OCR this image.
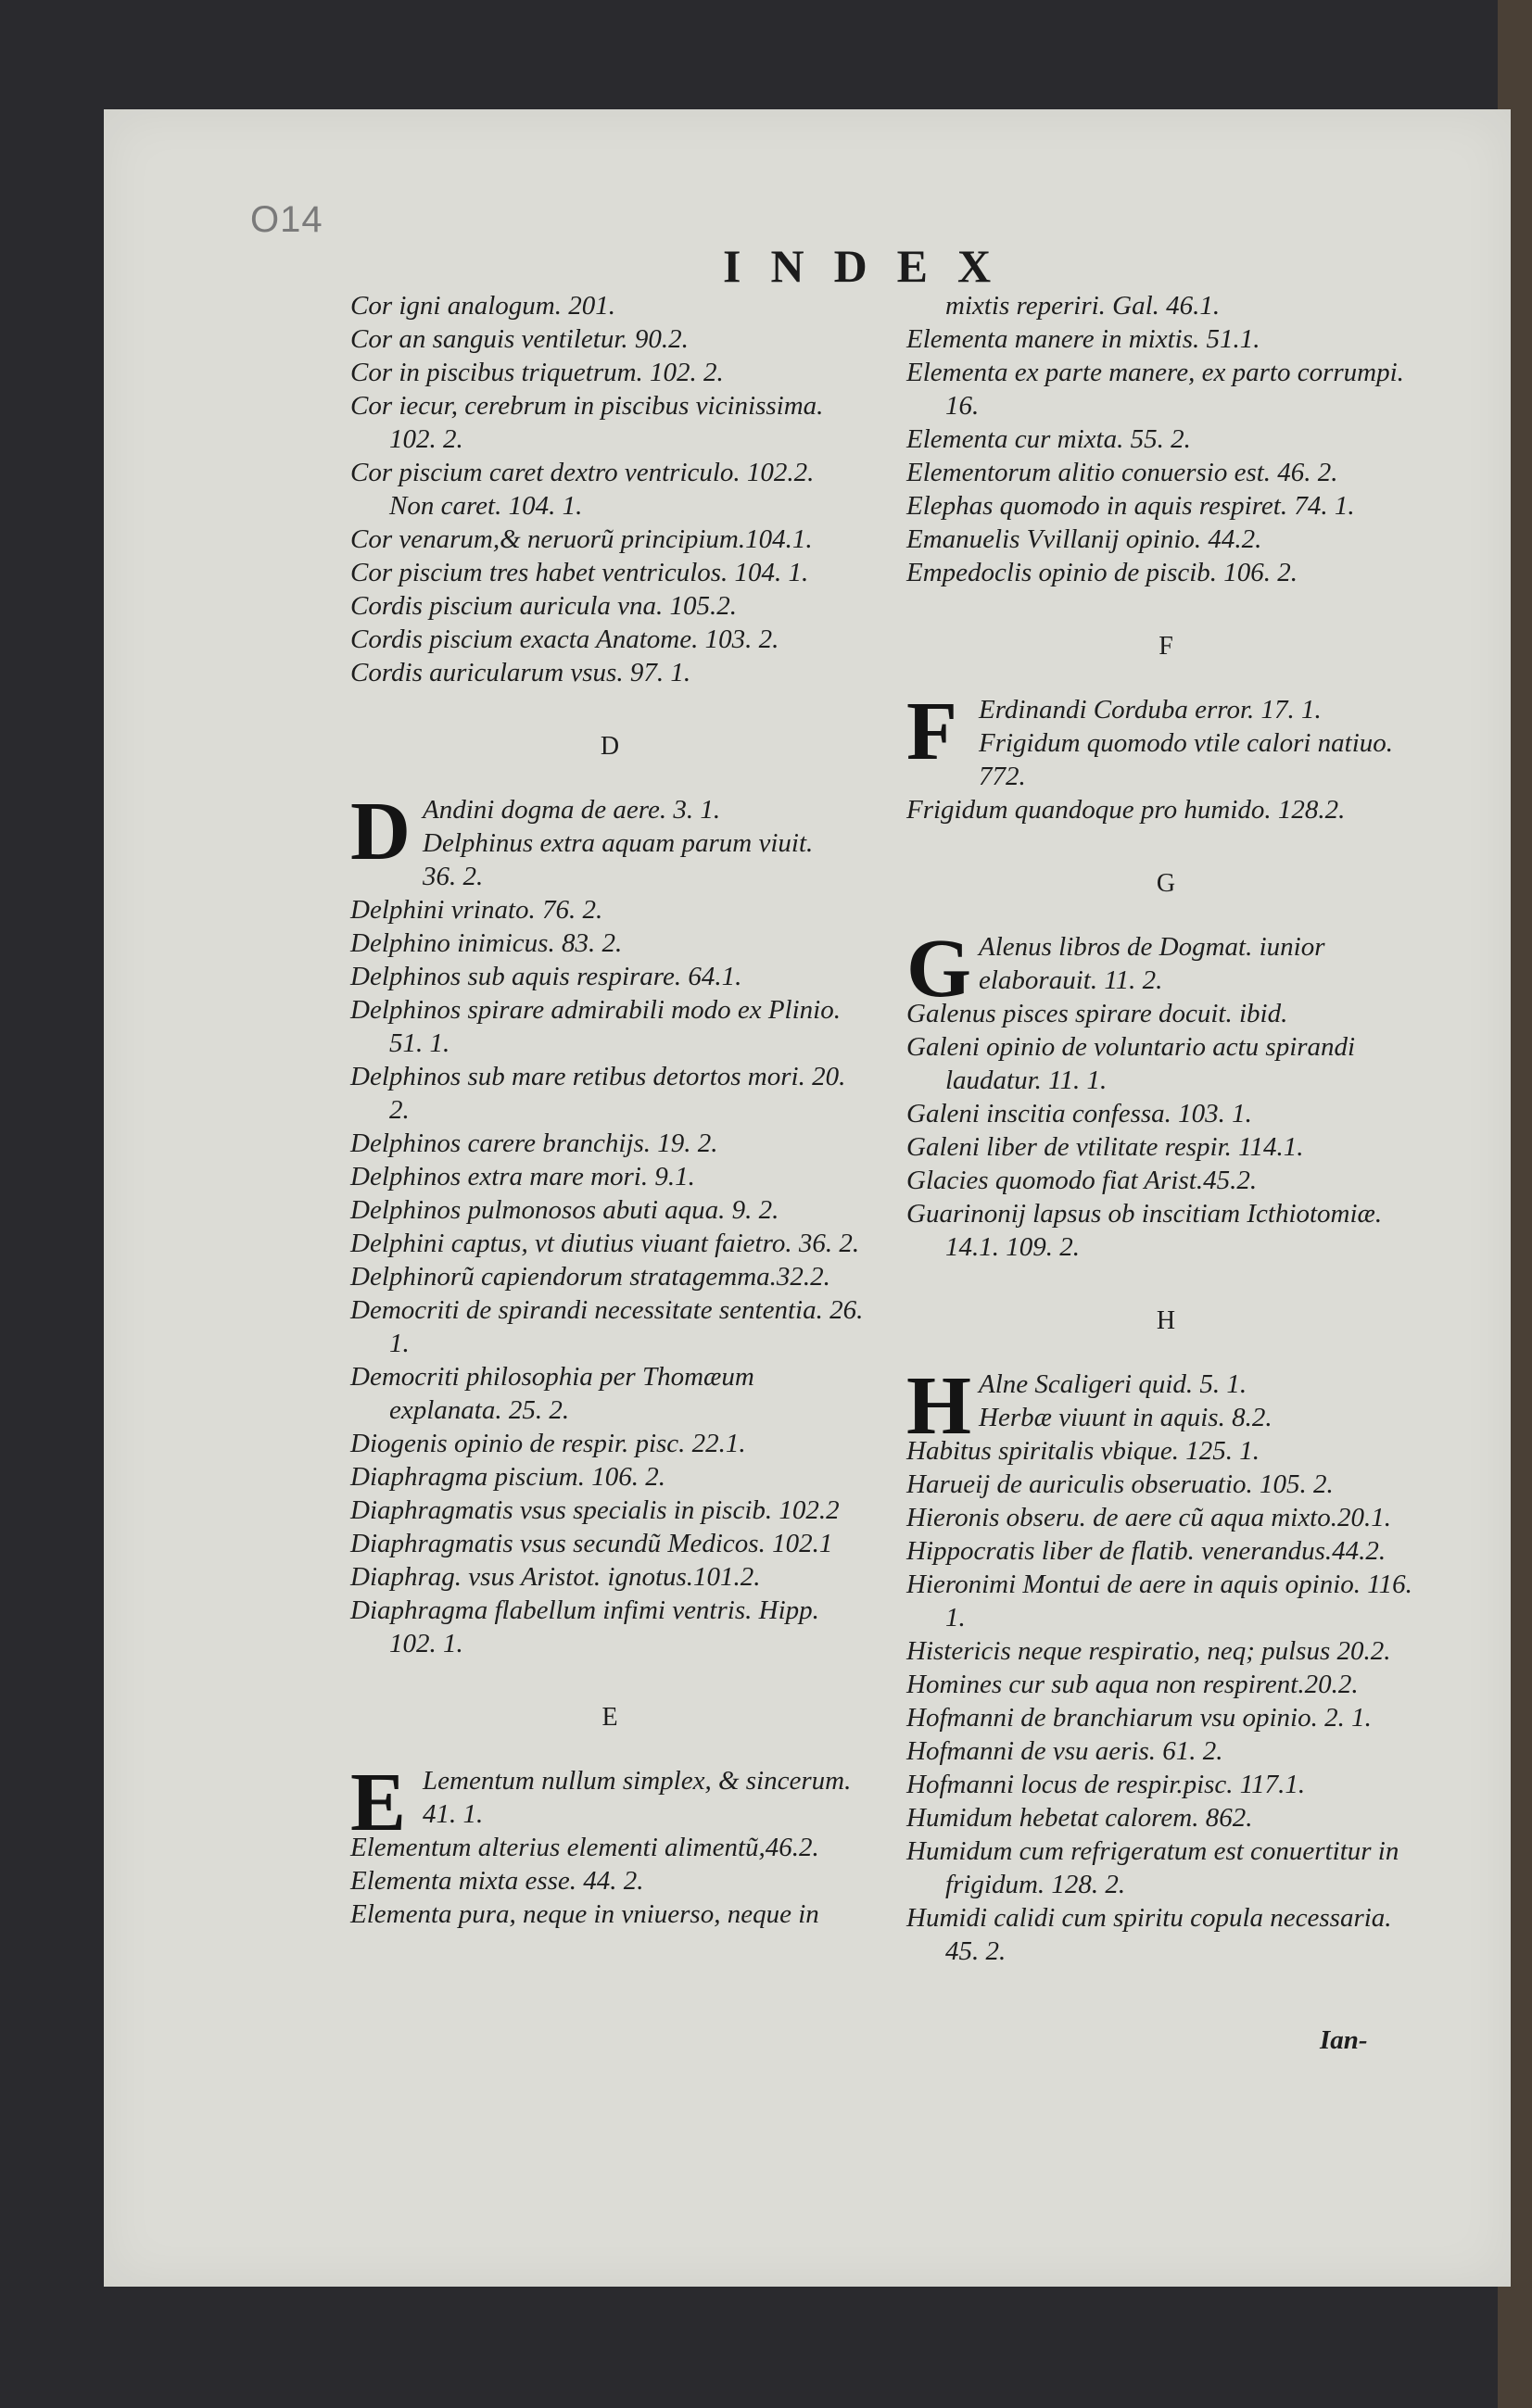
O14
INDEX

Cor igni analogum. 201.

Cor an sanguis ventiletur. 90.2.

Cor in piscibus triquetrum. 102. 2.

Cor iecur, cerebrum in piscibus vicinissima. 102. 2.

Cor piscium caret dextro ventriculo. 102.2.

Non caret. 104. 1.

Cor venarum,& neruorũ principium.104.1.

Cor piscium tres habet ventriculos. 104. 1.

Cordis piscium auricula vna. 105.2.

Cordis piscium exacta Anatome. 103. 2.

Cordis auricularum vsus. 97. 1.

D
D Andini dogma de aere. 3. 1.

Delphinus extra aquam parum viuit.

36. 2.

Delphini vrinato. 76. 2.

Delphino inimicus. 83. 2.

Delphinos sub aquis respirare. 64.1.

Delphinos spirare admirabili modo ex Plinio. 51. 1.

Delphinos sub mare retibus detortos mori. 20. 2.

Delphinos carere branchijs. 19. 2.

Delphinos extra mare mori. 9.1.

Delphinos pulmonosos abuti aqua. 9. 2.

Delphini captus, vt diutius viuant faietro. 36. 2.

Delphinorũ capiendorum stratagemma.32.2.

Democriti de spirandi necessitate sententia. 26. 1.

Democriti philosophia per Thomæum explanata. 25. 2.

Diogenis opinio de respir. pisc. 22.1.

Diaphragma piscium. 106. 2.

Diaphragmatis vsus specialis in piscib. 102.2

Diaphragmatis vsus secundũ Medicos. 102.1

Diaphrag. vsus Aristot. ignotus.101.2.

Diaphragma flabellum infimi ventris. Hipp. 102. 1.

E
E Lementum nullum simplex, & sincerum. 41. 1.

Elementum alterius elementi alimentũ,46.2.

Elementa mixta esse. 44. 2.

Elementa pura, neque in vniuerso, neque in

mixtis reperiri. Gal. 46.1.

Elementa manere in mixtis. 51.1.

Elementa ex parte manere, ex parto corrumpi. 16.

Elementa cur mixta. 55. 2.

Elementorum alitio conuersio est. 46. 2.

Elephas quomodo in aquis respiret. 74. 1.

Emanuelis Vvillanij opinio. 44.2.

Empedoclis opinio de piscib. 106. 2.

F
F Erdinandi Corduba error. 17. 1.

Frigidum quomodo vtile calori natiuo. 772.

Frigidum quandoque pro humido. 128.2.

G
G Alenus libros de Dogmat. iunior elaborauit. 11. 2.

Galenus pisces spirare docuit. ibid.

Galeni opinio de voluntario actu spirandi laudatur. 11. 1.

Galeni inscitia confessa. 103. 1.

Galeni liber de vtilitate respir. 114.1.

Glacies quomodo fiat Arist.45.2.

Guarinonij lapsus ob inscitiam Icthiotomiæ. 14.1. 109. 2.

H
H Alne Scaligeri quid. 5. 1.

Herbæ viuunt in aquis. 8.2.

Habitus spiritalis vbique. 125. 1.

Harueij de auriculis obseruatio. 105. 2.

Hieronis obseru. de aere cũ aqua mixto.20.1.

Hippocratis liber de flatib. venerandus.44.2.

Hieronimi Montui de aere in aquis opinio. 116. 1.

Histericis neque respiratio, neq; pulsus 20.2.

Homines cur sub aqua non respirent.20.2.

Hofmanni de branchiarum vsu opinio. 2. 1.

Hofmanni de vsu aeris. 61. 2.

Hofmanni locus de respir.pisc. 117.1.

Humidum hebetat calorem. 862.

Humidum cum refrigeratum est conuertitur in frigidum. 128. 2.

Humidi calidi cum spiritu copula necessaria. 45. 2.

Ian-
